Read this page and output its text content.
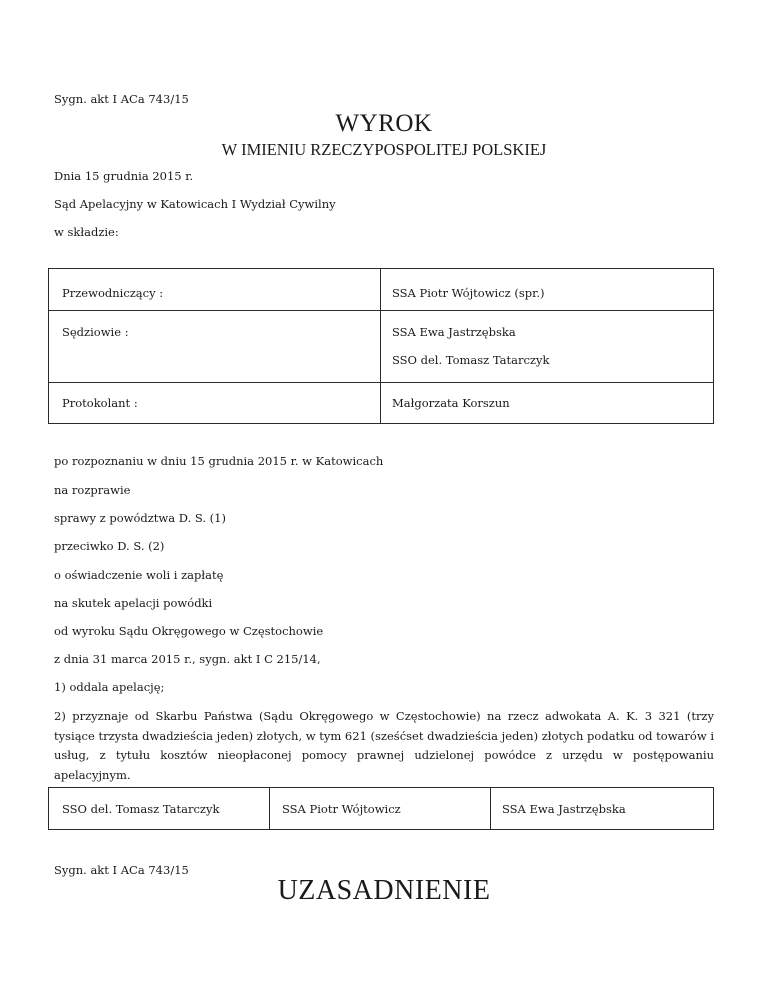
Sygn. akt I ACa 743/15
WYROK
W IMIENIU RZECZYPOSPOLITEJ POLSKIEJ
Dnia 15 grudnia 2015 r.
Sąd Apelacyjny w Katowicach I Wydział Cywilny
w składzie:
Przewodniczący :	SSA Piotr Wójtowicz (spr.)
Sędziowie :	SSA Ewa Jastrzębska
SSO del. Tomasz Tatarczyk
Protokolant :	Małgorzata Korszun
po rozpoznaniu w dniu 15 grudnia 2015 r. w Katowicach
na rozprawie
sprawy z powództwa D. S. (1)
przeciwko D. S. (2)
o oświadczenie woli i zapłatę
na skutek apelacji powódki
od wyroku Sądu Okręgowego w Częstochowie
z dnia 31 marca 2015 r., sygn. akt I C 215/14,
1) oddala apelację;
2) przyznaje od Skarbu Państwa (Sądu Okręgowego w Częstochowie) na rzecz adwokata A. K. 3 321 (trzy tysiące trzysta dwadzieścia jeden) złotych, w tym 621 (sześćset dwadzieścia jeden) złotych podatku od towarów i usług, z tytułu kosztów nieopłaconej pomocy prawnej udzielonej powódce z urzędu w postępowaniu apelacyjnym.
SSO del. Tomasz Tatarczyk	SSA Piotr Wójtowicz	SSA Ewa Jastrzębska
Sygn. akt I ACa 743/15
UZASADNIENIE
